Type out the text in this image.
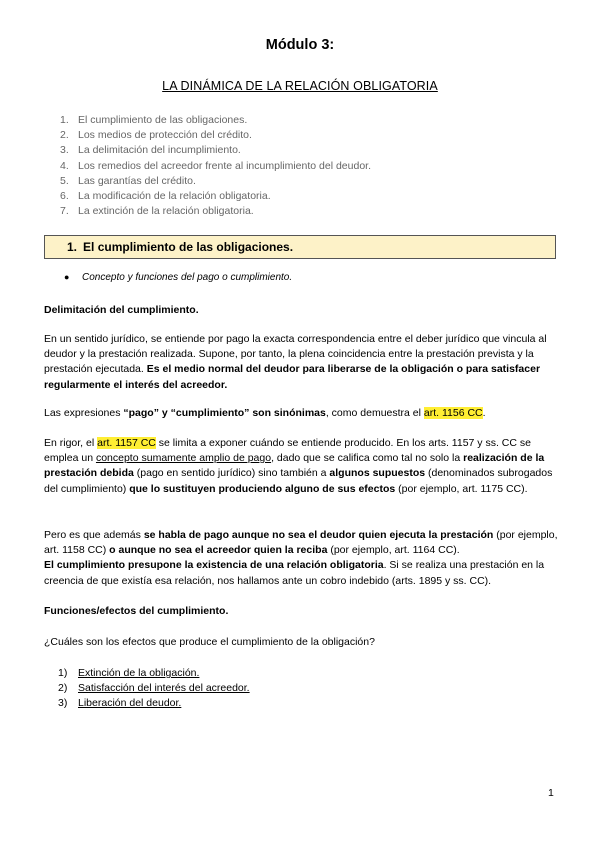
Módulo 3:
LA DINÁMICA DE LA RELACIÓN OBLIGATORIA
1. El cumplimiento de las obligaciones.
2. Los medios de protección del crédito.
3. La delimitación del incumplimiento.
4. Los remedios del acreedor frente al incumplimiento del deudor.
5. Las garantías del crédito.
6. La modificación de la relación obligatoria.
7. La extinción de la relación obligatoria.
1. El cumplimiento de las obligaciones.
● Concepto y funciones del pago o cumplimiento.
Delimitación del cumplimiento.
En un sentido jurídico, se entiende por pago la exacta correspondencia entre el deber jurídico que vincula al deudor y la prestación realizada. Supone, por tanto, la plena coincidencia entre la prestación prevista y la prestación ejecutada. Es el medio normal del deudor para liberarse de la obligación o para satisfacer regularmente el interés del acreedor.
Las expresiones “pago” y “cumplimiento” son sinónimas, como demuestra el art. 1156 CC.
En rigor, el art. 1157 CC se limita a exponer cuándo se entiende producido. En los arts. 1157 y ss. CC se emplea un concepto sumamente amplio de pago, dado que se califica como tal no solo la realización de la prestación debida (pago en sentido jurídico) sino también a algunos supuestos (denominados subrogados del cumplimiento) que lo sustituyen produciendo alguno de sus efectos (por ejemplo, art. 1175 CC).
Pero es que además se habla de pago aunque no sea el deudor quien ejecuta la prestación (por ejemplo, art. 1158 CC) o aunque no sea el acreedor quien la reciba (por ejemplo, art. 1164 CC).
El cumplimiento presupone la existencia de una relación obligatoria. Si se realiza una prestación en la creencia de que existía esa relación, nos hallamos ante un cobro indebido (arts. 1895 y ss. CC).
Funciones/efectos del cumplimiento.
¿Cuáles son los efectos que produce el cumplimiento de la obligación?
1) Extinción de la obligación.
2) Satisfacción del interés del acreedor.
3) Liberación del deudor.
1
